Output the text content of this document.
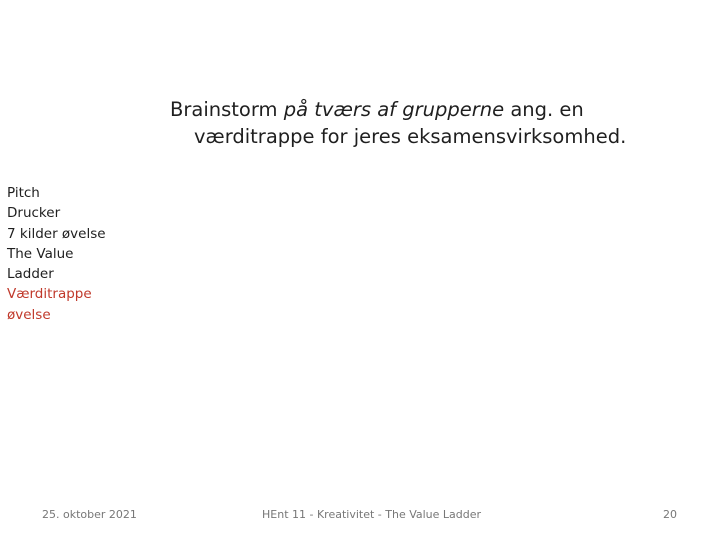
Brainstorm på tværs af grupperne ang. en
værditrappe for jeres eksamensvirksomhed.
Pitch
Drucker
7 kilder øvelse
The Value
Ladder
Værditrappe
øvelse
25. oktober 2021	HEnt 11 - Kreativitet - The Value Ladder	20
